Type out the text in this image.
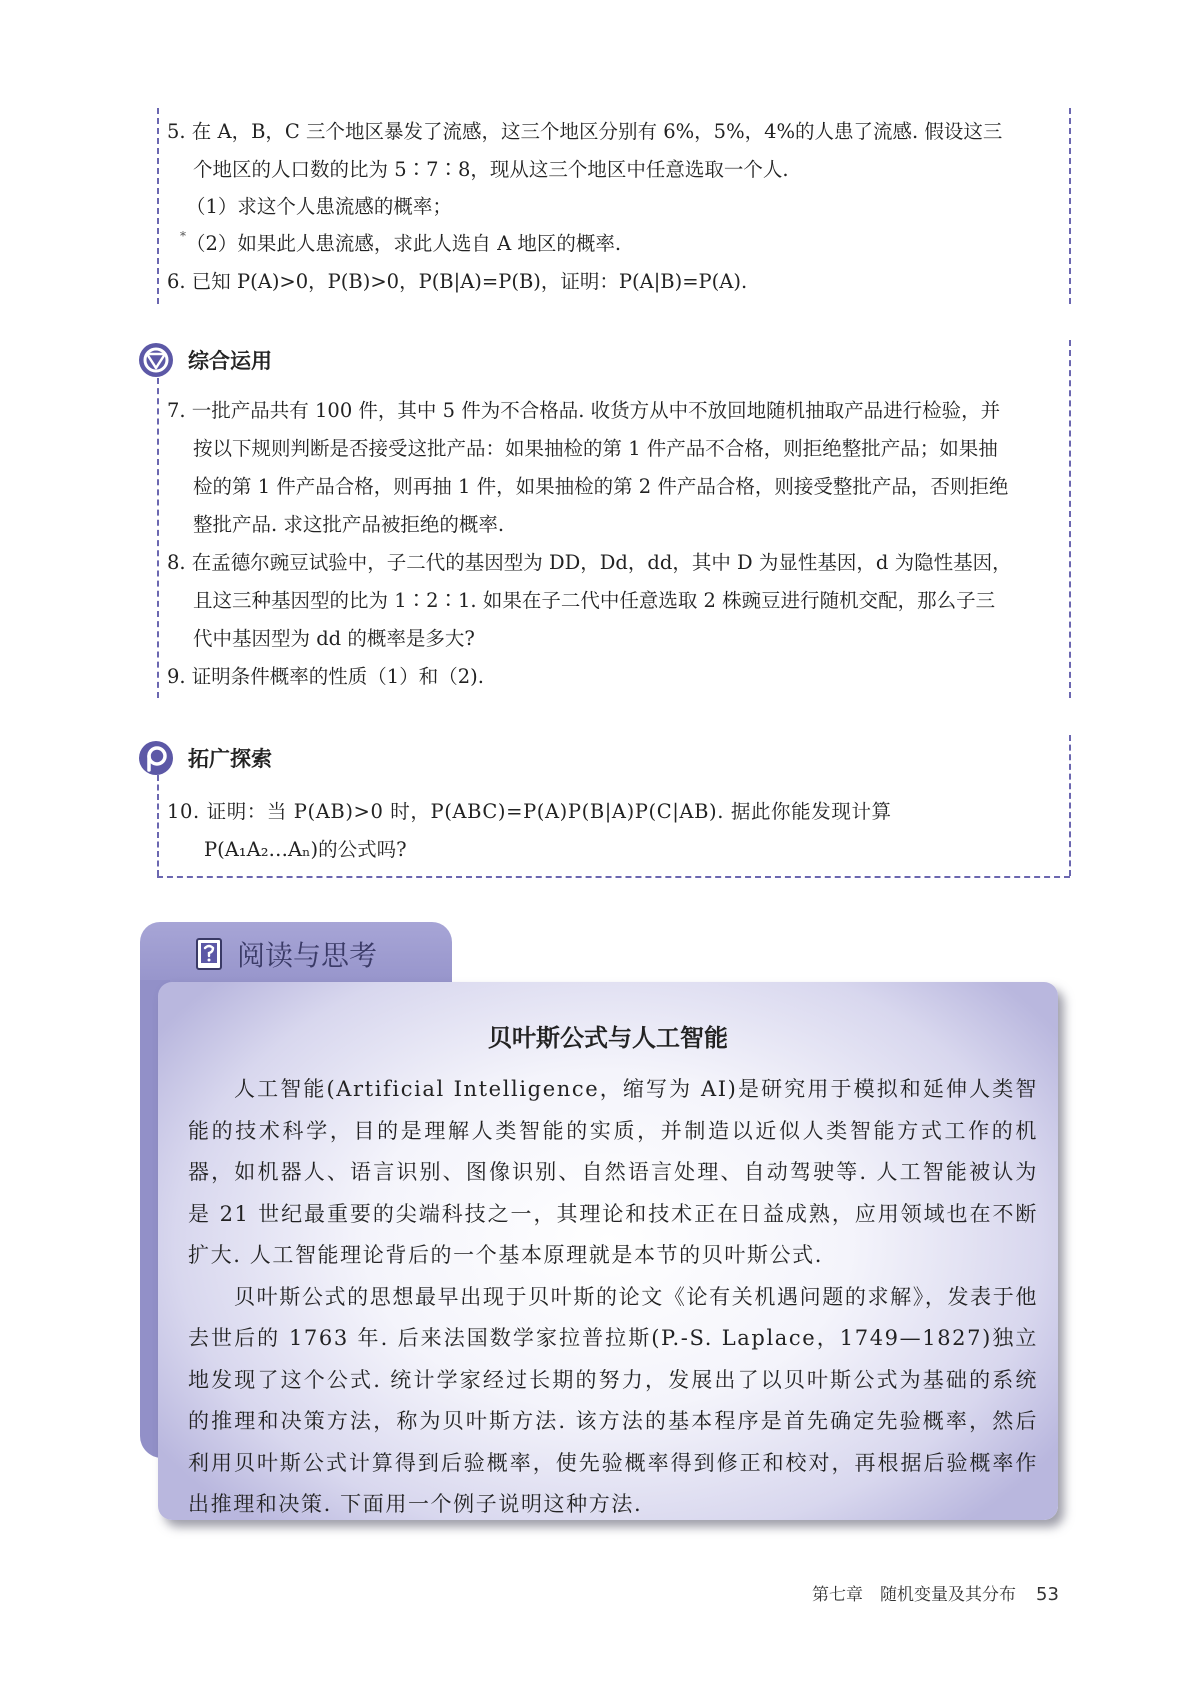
5. 在 A，B，C 三个地区暴发了流感，这三个地区分别有 6%，5%，4%的人患了流感. 假设这三
个地区的人口数的比为 5∶7∶8，现从这三个地区中任意选取一个人.
（1）求这个人患流感的概率；
* （2）如果此人患流感，求此人选自 A 地区的概率.
6. 已知 P(A)>0，P(B)>0，P(B|A)=P(B)，证明：P(A|B)=P(A).
综合运用
7. 一批产品共有 100 件，其中 5 件为不合格品. 收货方从中不放回地随机抽取产品进行检验，并
按以下规则判断是否接受这批产品：如果抽检的第 1 件产品不合格，则拒绝整批产品；如果抽
检的第 1 件产品合格，则再抽 1 件，如果抽检的第 2 件产品合格，则接受整批产品，否则拒绝
整批产品. 求这批产品被拒绝的概率.
8. 在孟德尔豌豆试验中，子二代的基因型为 DD，Dd，dd，其中 D 为显性基因，d 为隐性基因，
且这三种基因型的比为 1∶2∶1. 如果在子二代中任意选取 2 株豌豆进行随机交配，那么子三
代中基因型为 dd 的概率是多大?
9. 证明条件概率的性质（1）和（2).
拓广探索
10. 证明：当 P(AB)>0 时，P(ABC)=P(A)P(B|A)P(C|AB). 据此你能发现计算
P(A₁A₂…Aₙ)的公式吗?
阅读与思考
贝叶斯公式与人工智能

人工智能(Artificial Intelligence，缩写为 AI)是研究用于模拟和延伸人类智能的技术科学，目的是理解人类智能的实质，并制造以近似人类智能方式工作的机器，如机器人、语言识别、图像识别、自然语言处理、自动驾驶等. 人工智能被认为是 21 世纪最重要的尖端科技之一，其理论和技术正在日益成熟，应用领域也在不断扩大. 人工智能理论背后的一个基本原理就是本节的贝叶斯公式.

贝叶斯公式的思想最早出现于贝叶斯的论文《论有关机遇问题的求解》，发表于他去世后的 1763 年. 后来法国数学家拉普拉斯(P.-S. Laplace，1749—1827)独立地发现了这个公式. 统计学家经过长期的努力，发展出了以贝叶斯公式为基础的系统的推理和决策方法，称为贝叶斯方法. 该方法的基本程序是首先确定先验概率，然后利用贝叶斯公式计算得到后验概率，使先验概率得到修正和校对，再根据后验概率作出推理和决策. 下面用一个例子说明这种方法.

第七章　随机变量及其分布 53
